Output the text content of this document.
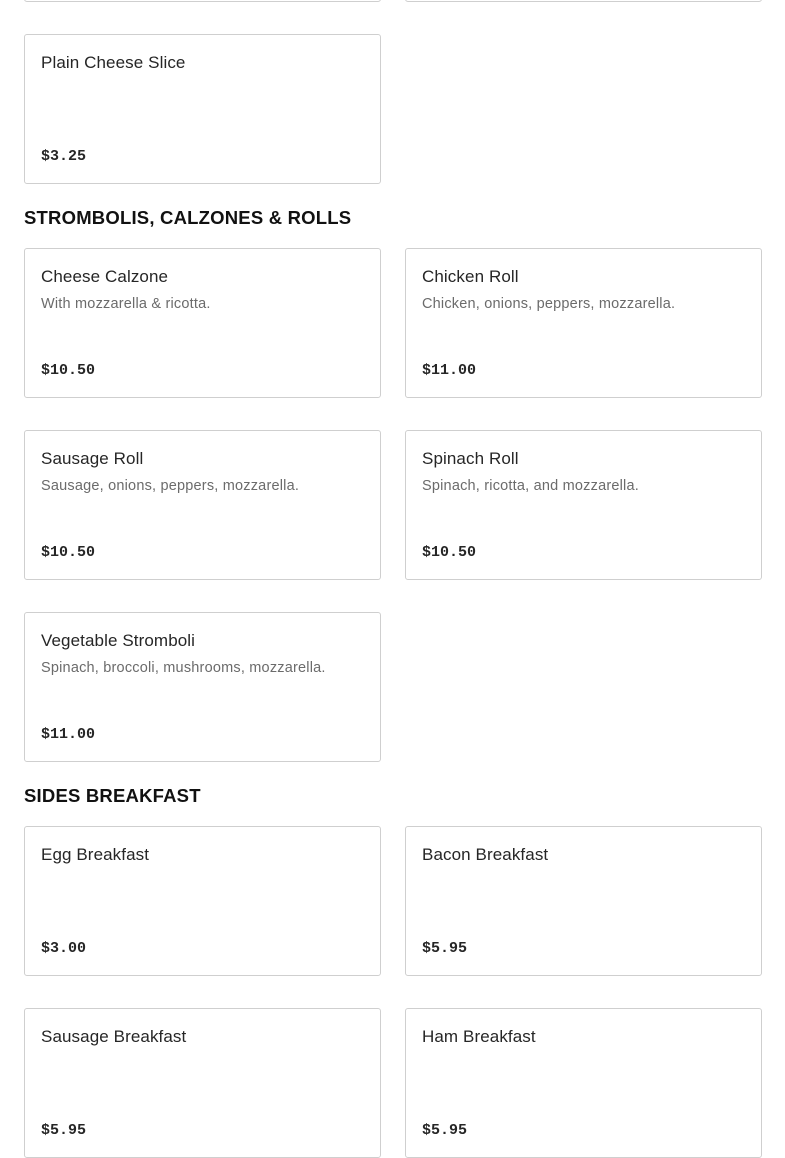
Plain Cheese Slice
$3.25
STROMBOLIS, CALZONES & ROLLS
Cheese Calzone
With mozzarella & ricotta.
$10.50
Chicken Roll
Chicken, onions, peppers, mozzarella.
$11.00
Sausage Roll
Sausage, onions, peppers, mozzarella.
$10.50
Spinach Roll
Spinach, ricotta, and mozzarella.
$10.50
Vegetable Stromboli
Spinach, broccoli, mushrooms, mozzarella.
$11.00
SIDES BREAKFAST
Egg Breakfast
$3.00
Bacon Breakfast
$5.95
Sausage Breakfast
$5.95
Ham Breakfast
$5.95
